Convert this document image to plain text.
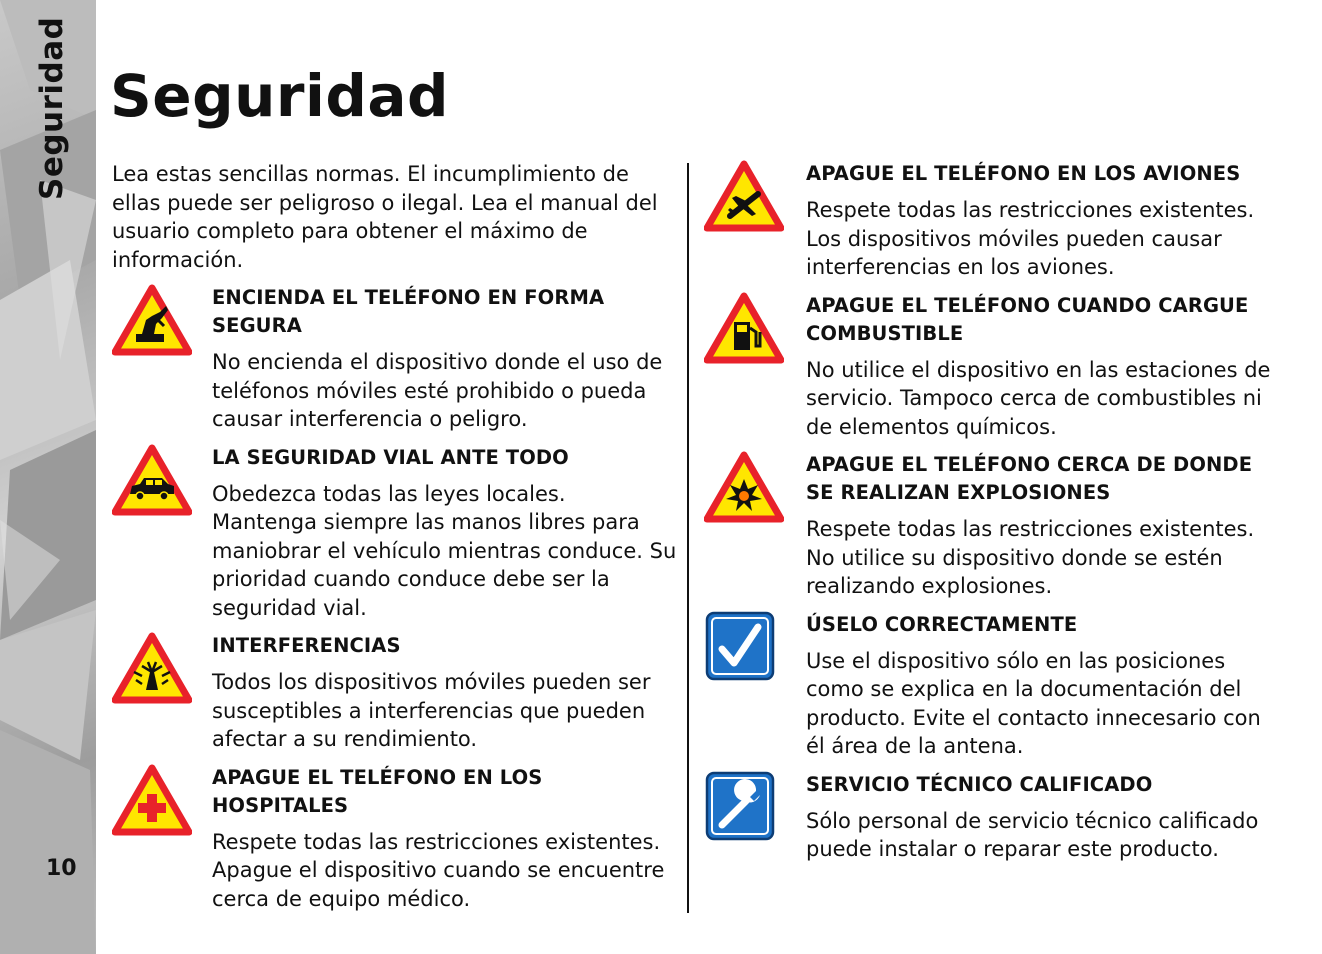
Seguridad
10
Seguridad

Lea estas sencillas normas. El incumplimiento de ellas puede ser peligroso o ilegal. Lea el manual del usuario completo para obtener el máximo de información.

ENCIENDA EL TELÉFONO EN FORMA SEGURA

No encienda el dispositivo donde el uso de teléfonos móviles esté prohibido o pueda causar interferencia o peligro.

LA SEGURIDAD VIAL ANTE TODO

Obedezca todas las leyes locales. Mantenga siempre las manos libres para maniobrar el vehículo mientras conduce. Su prioridad cuando conduce debe ser la seguridad vial.

INTERFERENCIAS

Todos los dispositivos móviles pueden ser susceptibles a interferencias que pueden afectar a su rendimiento.

APAGUE EL TELÉFONO EN LOS HOSPITALES

Respete todas las restricciones existentes. Apague el dispositivo cuando se encuentre cerca de equipo médico.

APAGUE EL TELÉFONO EN LOS AVIONES

Respete todas las restricciones existentes. Los dispositivos móviles pueden causar interferencias en los aviones.

APAGUE EL TELÉFONO CUANDO CARGUE COMBUSTIBLE

No utilice el dispositivo en las estaciones de servicio. Tampoco cerca de combustibles ni de elementos químicos.

APAGUE EL TELÉFONO CERCA DE DONDE SE REALIZAN EXPLOSIONES

Respete todas las restricciones existentes. No utilice su dispositivo donde se estén realizando explosiones.

ÚSELO CORRECTAMENTE

Use el dispositivo sólo en las posiciones como se explica en la documentación del producto. Evite el contacto innecesario con él área de la antena.

SERVICIO TÉCNICO CALIFICADO

Sólo personal de servicio técnico calificado puede instalar o reparar este producto.
